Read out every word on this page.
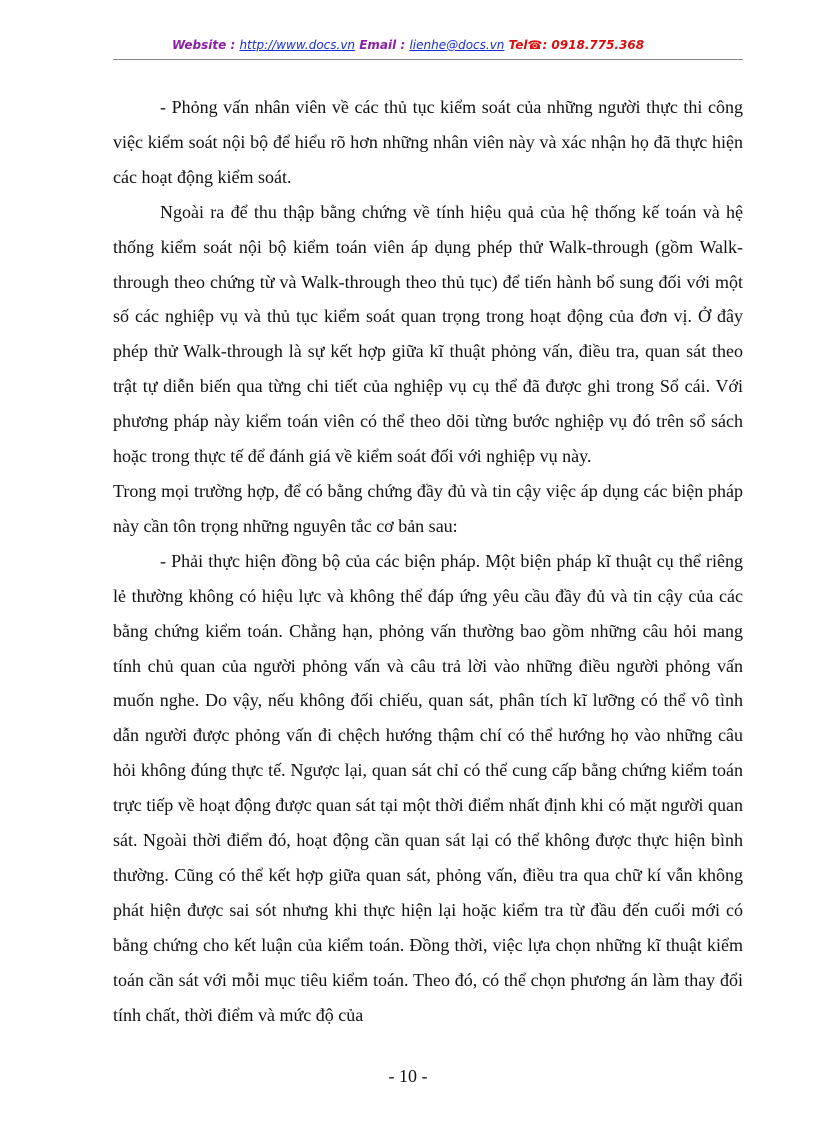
Website : http://www.docs.vn Email : lienhe@docs.vn Tel☎: 0918.775.368

- Phỏng vấn nhân viên về các thủ tục kiểm soát của những người thực thi công việc kiểm soát nội bộ để hiểu rõ hơn những nhân viên này và xác nhận họ đã thực hiện các hoạt động kiểm soát.

Ngoài ra để thu thập bằng chứng về tính hiệu quả của hệ thống kế toán và hệ thống kiểm soát nội bộ kiểm toán viên áp dụng phép thử Walk-through (gồm Walk-through theo chứng từ và Walk-through theo thủ tục) để tiến hành bổ sung đối với một số các nghiệp vụ và thủ tục kiểm soát quan trọng trong hoạt động của đơn vị. Ở đây phép thử Walk-through là sự kết hợp giữa kĩ thuật phỏng vấn, điều tra, quan sát theo trật tự diễn biến qua từng chi tiết của nghiệp vụ cụ thể đã được ghi trong Sổ cái. Với phương pháp này kiểm toán viên có thể theo dõi từng bước nghiệp vụ đó trên sổ sách hoặc trong thực tế để đánh giá về kiểm soát đối với nghiệp vụ này.

Trong mọi trường hợp, để có bằng chứng đầy đủ và tin cậy việc áp dụng các biện pháp này cần tôn trọng những nguyên tắc cơ bản sau:

- Phải thực hiện đồng bộ của các biện pháp. Một biện pháp kĩ thuật cụ thể riêng lẻ thường không có hiệu lực và không thể đáp ứng yêu cầu đầy đủ và tin cậy của các bằng chứng kiểm toán. Chẳng hạn, phỏng vấn thường bao gồm những câu hỏi mang tính chủ quan của người phỏng vấn và câu trả lời vào những điều người phỏng vấn muốn nghe. Do vậy, nếu không đối chiếu, quan sát, phân tích kĩ lưỡng có thể vô tình dẫn người được phỏng vấn đi chệch hướng thậm chí có thể hướng họ vào những câu hỏi không đúng thực tế. Ngược lại, quan sát chỉ có thể cung cấp bằng chứng kiểm toán trực tiếp về hoạt động được quan sát tại một thời điểm nhất định khi có mặt người quan sát. Ngoài thời điểm đó, hoạt động cần quan sát lại có thể không được thực hiện bình thường. Cũng có thể kết hợp giữa quan sát, phỏng vấn, điều tra qua chữ kí vẫn không phát hiện được sai sót nhưng khi thực hiện lại hoặc kiểm tra từ đầu đến cuối mới có bằng chứng cho kết luận của kiểm toán. Đồng thời, việc lựa chọn những kĩ thuật kiểm toán cần sát với mỗi mục tiêu kiểm toán. Theo đó, có thể chọn phương án làm thay đổi tính chất, thời điểm và mức độ của

- 10 -
